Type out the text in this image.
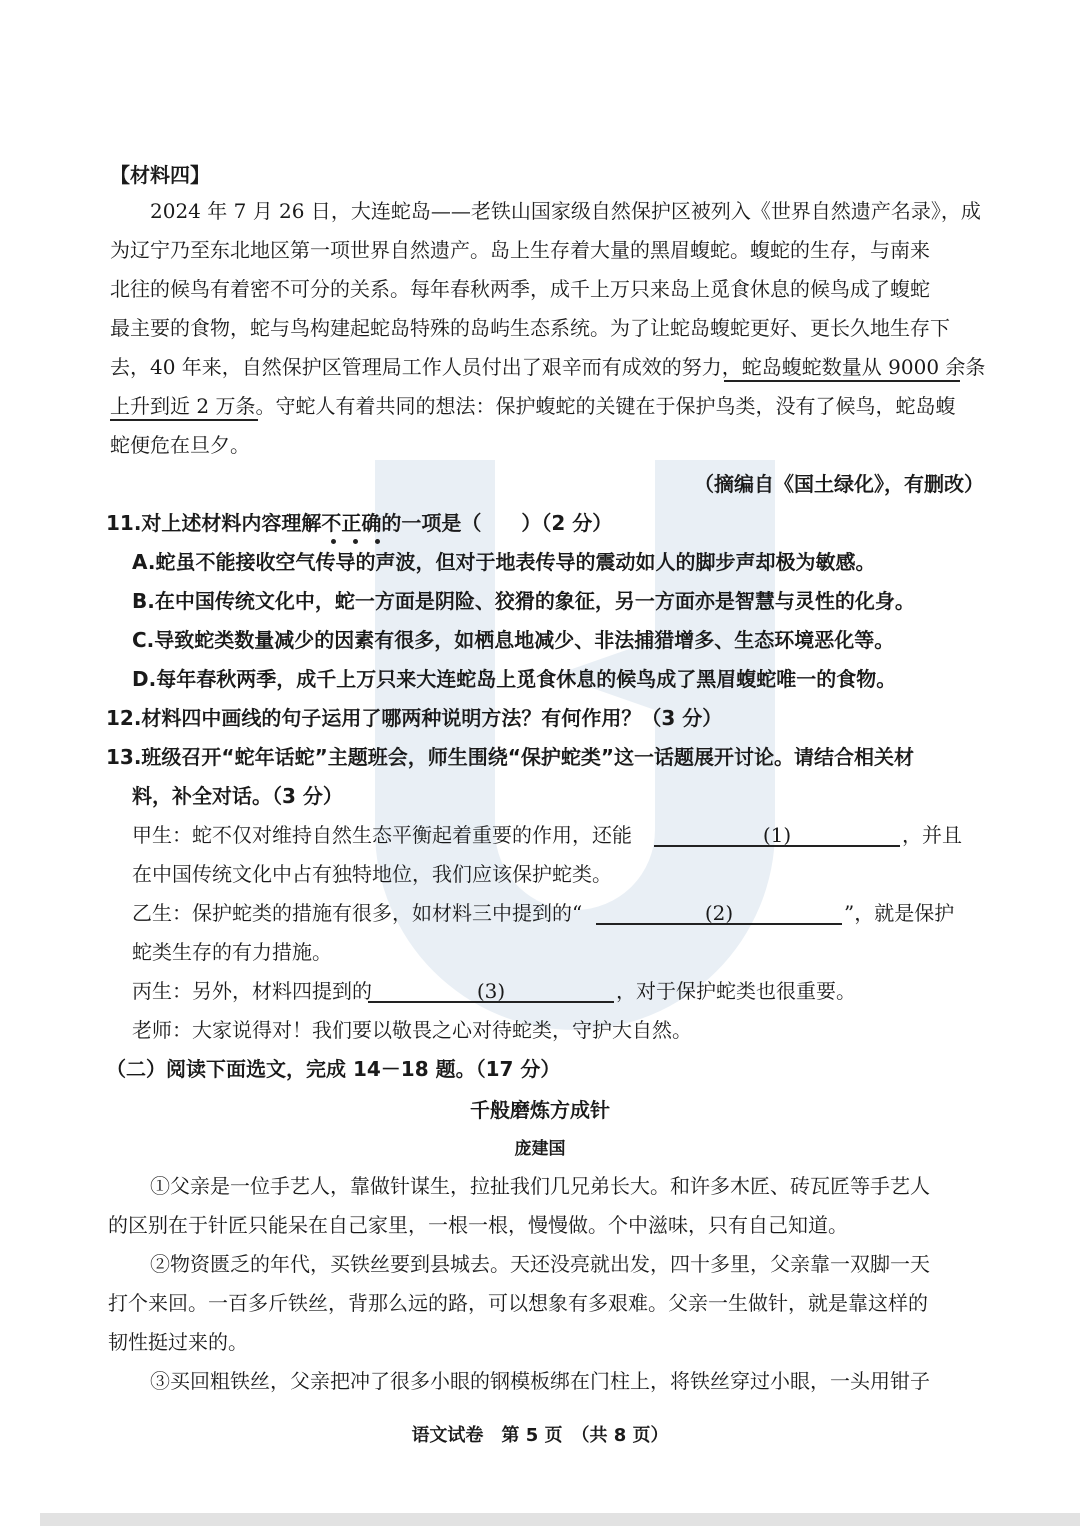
【材料四】
2024 年 7 月 26 日，大连蛇岛——老铁山国家级自然保护区被列入《世界自然遗产名录》，成
为辽宁乃至东北地区第一项世界自然遗产。岛上生存着大量的黑眉蝮蛇。蝮蛇的生存，与南来
北往的候鸟有着密不可分的关系。每年春秋两季，成千上万只来岛上觅食休息的候鸟成了蝮蛇
最主要的食物，蛇与鸟构建起蛇岛特殊的岛屿生态系统。为了让蛇岛蝮蛇更好、更长久地生存下
去，40 年来，自然保护区管理局工作人员付出了艰辛而有成效的努力，蛇岛蝮蛇数量从 9000 余条
上升到近 2 万条。守蛇人有着共同的想法：保护蝮蛇的关键在于保护鸟类，没有了候鸟，蛇岛蝮
蛇便危在旦夕。
（摘编自《国土绿化》，有删改）
11.对上述材料内容理解不正确的一项是（　　）（2 分）
A.蛇虽不能接收空气传导的声波，但对于地表传导的震动如人的脚步声却极为敏感。
B.在中国传统文化中，蛇一方面是阴险、狡猾的象征，另一方面亦是智慧与灵性的化身。
C.导致蛇类数量减少的因素有很多，如栖息地减少、非法捕猎增多、生态环境恶化等。
D.每年春秋两季，成千上万只来大连蛇岛上觅食休息的候鸟成了黑眉蝮蛇唯一的食物。
12.材料四中画线的句子运用了哪两种说明方法？有何作用？（3 分）
13.班级召开“蛇年话蛇”主题班会，师生围绕“保护蛇类”这一话题展开讨论。请结合相关材
料，补全对话。（3 分）
甲生：蛇不仅对维持自然生态平衡起着重要的作用，还能	(1)	，并且
在中国传统文化中占有独特地位，我们应该保护蛇类。
乙生：保护蛇类的措施有很多，如材料三中提到的“	(2)	”，就是保护
蛇类生存的有力措施。
丙生：另外，材料四提到的	(3)	，对于保护蛇类也很重要。
老师：大家说得对！我们要以敬畏之心对待蛇类，守护大自然。
（二）阅读下面选文，完成 14－18 题。（17 分）
千般磨炼方成针
庞建国
①父亲是一位手艺人，靠做针谋生，拉扯我们几兄弟长大。和许多木匠、砖瓦匠等手艺人
的区别在于针匠只能呆在自己家里，一根一根，慢慢做。个中滋味，只有自己知道。
②物资匮乏的年代，买铁丝要到县城去。天还没亮就出发，四十多里，父亲靠一双脚一天
打个来回。一百多斤铁丝，背那么远的路，可以想象有多艰难。父亲一生做针，就是靠这样的
韧性挺过来的。
③买回粗铁丝，父亲把冲了很多小眼的钢模板绑在门柱上，将铁丝穿过小眼，一头用钳子
语文试卷　第 5 页　（共 8 页）
